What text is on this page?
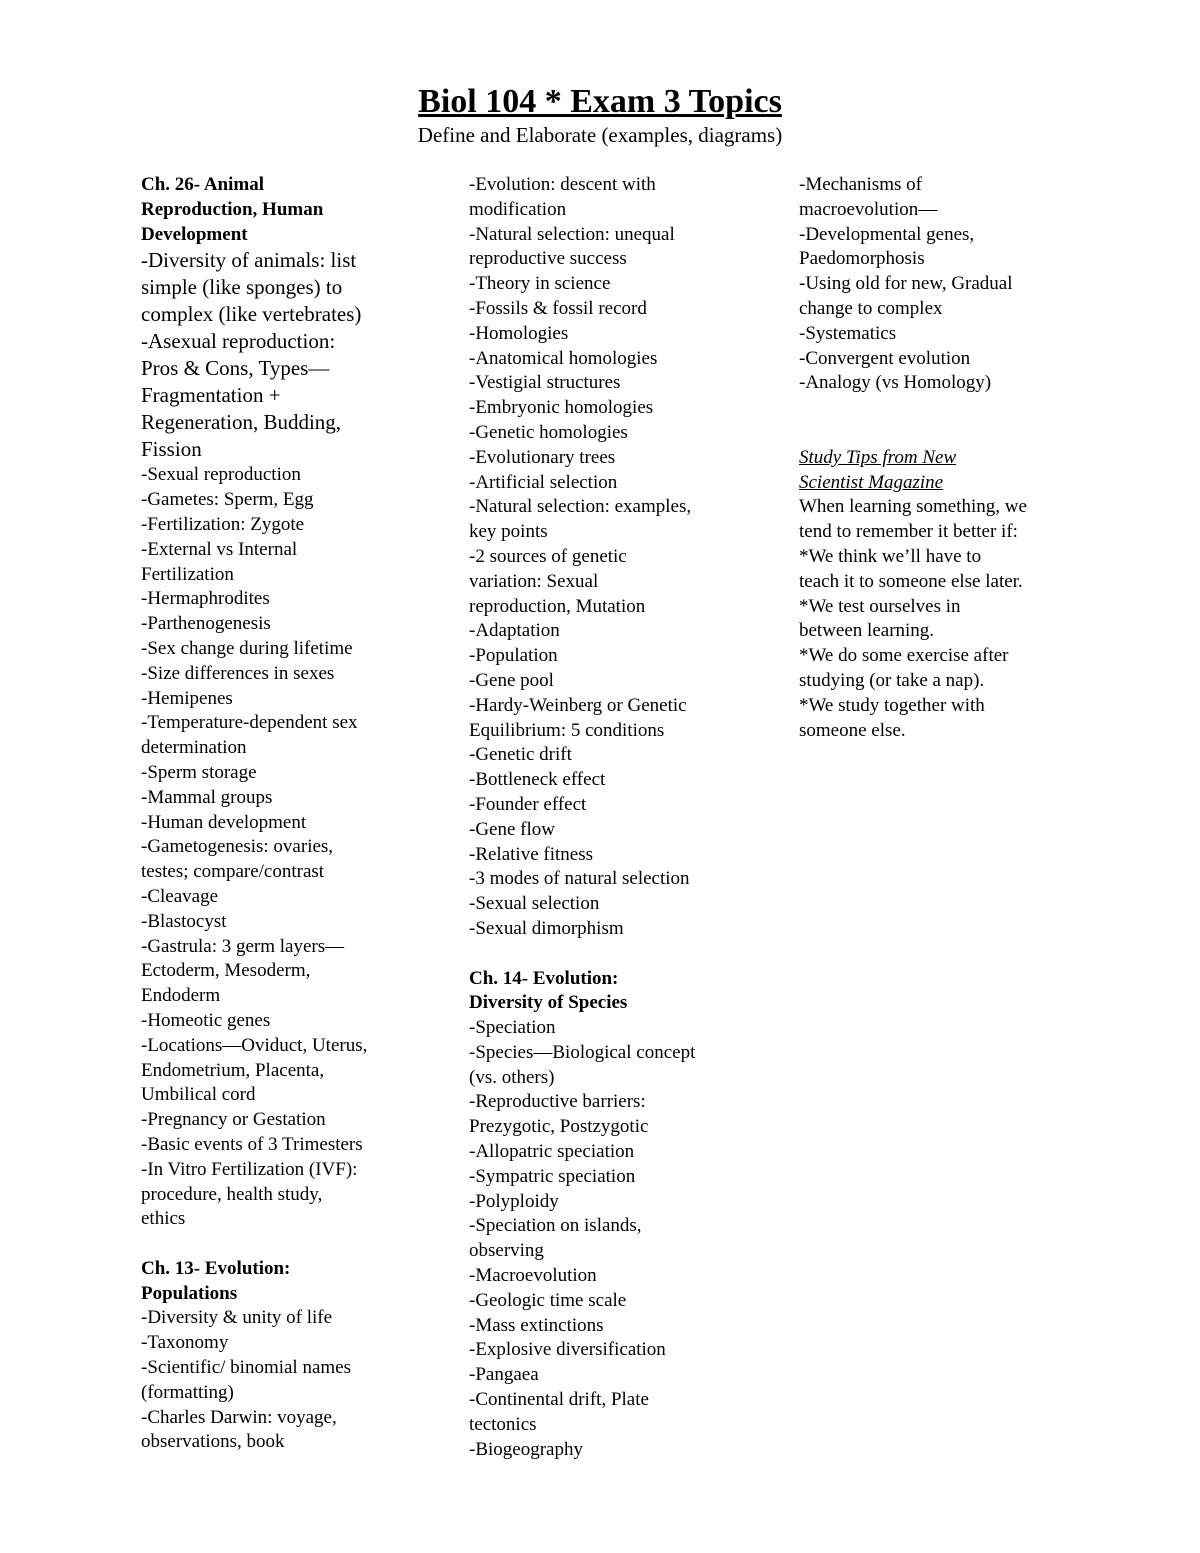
Biol 104 * Exam 3 Topics
Define and Elaborate (examples, diagrams)
Ch. 26- Animal
Reproduction, Human
Development
-Diversity of animals: list
simple (like sponges) to
complex (like vertebrates)
-Asexual reproduction:
Pros & Cons, Types—
Fragmentation +
Regeneration, Budding,
Fission
-Sexual reproduction
-Gametes: Sperm, Egg
-Fertilization: Zygote
-External vs Internal
Fertilization
-Hermaphrodites
-Parthenogenesis
-Sex change during lifetime
-Size differences in sexes
-Hemipenes
-Temperature-dependent sex
determination
-Sperm storage
-Mammal groups
-Human development
-Gametogenesis: ovaries,
testes; compare/contrast
-Cleavage
-Blastocyst
-Gastrula: 3 germ layers—
Ectoderm, Mesoderm,
Endoderm
-Homeotic genes
-Locations—Oviduct, Uterus,
Endometrium, Placenta,
Umbilical cord
-Pregnancy or Gestation
-Basic events of 3 Trimesters
-In Vitro Fertilization (IVF):
procedure, health study,
ethics
Ch. 13- Evolution:
Populations
-Diversity & unity of life
-Taxonomy
-Scientific/ binomial names
(formatting)
-Charles Darwin: voyage,
observations, book
-Evolution: descent with
modification
-Natural selection: unequal
reproductive success
-Theory in science
-Fossils & fossil record
-Homologies
-Anatomical homologies
-Vestigial structures
-Embryonic homologies
-Genetic homologies
-Evolutionary trees
-Artificial selection
-Natural selection: examples,
key points
-2 sources of genetic
variation: Sexual
reproduction, Mutation
-Adaptation
-Population
-Gene pool
-Hardy-Weinberg or Genetic
Equilibrium: 5 conditions
-Genetic drift
-Bottleneck effect
-Founder effect
-Gene flow
-Relative fitness
-3 modes of natural selection
-Sexual selection
-Sexual dimorphism
Ch. 14- Evolution:
Diversity of Species
-Speciation
-Species—Biological concept
(vs. others)
-Reproductive barriers:
Prezygotic, Postzygotic
-Allopatric speciation
-Sympatric speciation
-Polyploidy
-Speciation on islands,
observing
-Macroevolution
-Geologic time scale
-Mass extinctions
-Explosive diversification
-Pangaea
-Continental drift, Plate
tectonics
-Biogeography
-Mechanisms of
macroevolution—
-Developmental genes,
Paedomorphosis
-Using old for new, Gradual
change to complex
-Systematics
-Convergent evolution
-Analogy (vs Homology)
Study Tips from New
Scientist Magazine
When learning something, we
tend to remember it better if:
*We think we’ll have to
teach it to someone else later.
*We test ourselves in
between learning.
*We do some exercise after
studying (or take a nap).
*We study together with
someone else.
